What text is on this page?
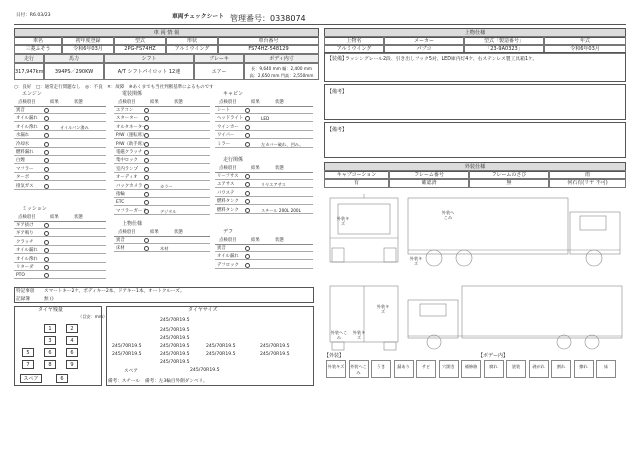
日付：R6.03/23	車両チェックシート 管理番号：0338074
車 両 情 報
車名	初年度登録	型式	形状	車台番号
三菱ふそう	令和6年03月	2PG-FS74HZ	アルミウイング	FS74HZ-548129
走行	馬力	シフト	ブレーキ	ボディ内寸
317,947km	394PS／290KW	A/T シフトパイロット 12速	エアー
長：9,640 mm 幅：2,400 mm
高：2,650 mm 門高：2,550mm
○：良好　□：通常走行問題なし　◎：不良　✕：故障　※あくまでも当社判断基準によるものです
上物仕様
上物名	メーカー	型式「製造番号」	年式
アルミウイング	パブコ	「23-9A0323」	令和6年03月
【装備】
ラッシングレール2段、引き出しフック5対、LED庫内灯4ケ、右ステンレス製工具箱1ケ。
【備考】
【備考】
外装仕様
キャブコーション	フレーム番号	フレームのさび	雨
有	確認済	無	何石有(リヤ 不可)
エンジン
点検項目	結果	状態
異音
オイル漏れ
オイル滲れ	オイルパン滲み
水漏れ
冷却水
燃料漏れ
白煙
マフラー
ターボ
排気ガス
ミッション
点検項目	結果	状態
ギア抜け
ギア鳴り
クラッチ
オイル漏れ
オイル滲れ
リターダ
PTO
電装関係
点検項目	結果	状態
エアコン
スターター
オルタネーター
P/W（運転席）
P/W（助手席）
電磁クラッチ
集中ロック
室内ランプ
オーディオ
バックカメラ	カラー
指輪
ETC
マフラーガード	デジタル
上物仕様
点検項目	結果	状態
異音
床材	木材
キャビン
点検項目	結果	状態
シート
ヘッドライト	LED
ウインカー
ワイパー
ミラー	左カバー破れ、凹み。
走行関係
点検項目	結果	状態
リーフサス
エアサス	リヤエアサス
パワステ
燃料タンク
燃料タンク	スチール 200L 200L
デフ
点検項目	結果	状態
異音
オイル漏れ
デフロック
特記事項 スマートキー2ケ、ボディキー2本、ドアキー1本、オートクルーズ。
記録簿	無 ()
タイヤ残量
（目安：mm）
1	2
3	4
5	6	6
7	8	9
スペア	6
タイヤサイズ
245/70R19.5
245/70R19.5
245/70R19.5
245/70R19.5
245/70R19.5	245/70R19.5	245/70R19.5
245/70R19.5	245/70R19.5	245/70R19.5	245/70R19.5
245/70R19.5
スペア	245/70R19.5
備考：スチール 備考：左3輪目外側ダンペリ。
外装キズ
外装へこみ
外装キズ
外装キズ
外装へこみ
外装キズ
【外装】	【ボデー内】
外装キズ	外装へこみ
うき	錆あり	サビ	穴開き	補修跡	腐れ	塗装	剥がれ	割れ	擦れ	床
